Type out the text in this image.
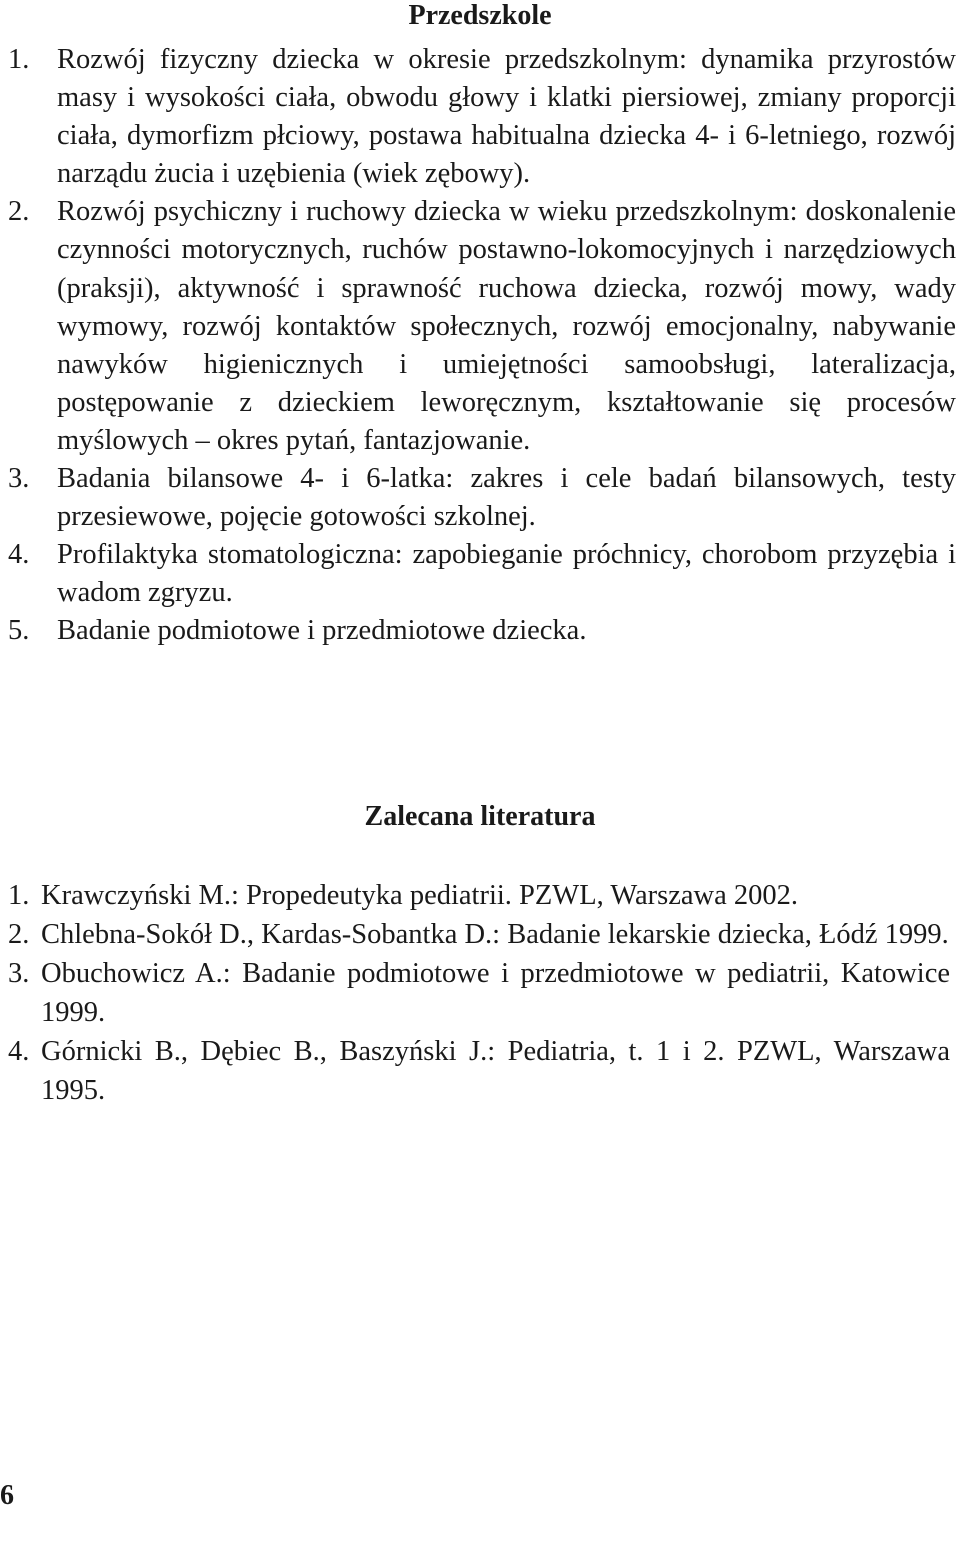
Przedszkole
1. Rozwój fizyczny dziecka w okresie przedszkolnym: dynamika przyrostów masy i wysokości ciała, obwodu głowy i klatki piersiowej, zmiany proporcji ciała, dymorfizm płciowy, postawa habitualna dziecka 4- i 6-letniego, rozwój narządu żucia i uzębienia (wiek zębowy).
2. Rozwój psychiczny i ruchowy dziecka w wieku przedszkolnym: doskonalenie czynności motorycznych, ruchów postawno-lokomocyjnych i narzędziowych (praksji), aktywność i sprawność ruchowa dziecka, rozwój mowy, wady wymowy, rozwój kontaktów społecznych, rozwój emocjonalny, nabywanie nawyków higienicznych i umiejętności samoobsługi, lateralizacja, postępowanie z dzieckiem leworęcznym, kształtowanie się procesów myślowych – okres pytań, fantazjowanie.
3. Badania bilansowe 4- i 6-latka: zakres i cele badań bilansowych, testy przesiewowe, pojęcie gotowości szkolnej.
4. Profilaktyka stomatologiczna: zapobieganie próchnicy, chorobom przyzębia i wadom zgryzu.
5. Badanie podmiotowe i przedmiotowe dziecka.
Zalecana literatura
1. Krawczyński M.: Propedeutyka pediatrii. PZWL, Warszawa 2002.
2. Chlebna-Sokół D., Kardas-Sobantka D.: Badanie lekarskie dziecka, Łódź 1999.
3. Obuchowicz A.: Badanie podmiotowe i przedmiotowe w pediatrii, Katowice 1999.
4. Górnicki B., Dębiec B., Baszyński J.: Pediatria, t. 1 i 2. PZWL, Warszawa 1995.
6
